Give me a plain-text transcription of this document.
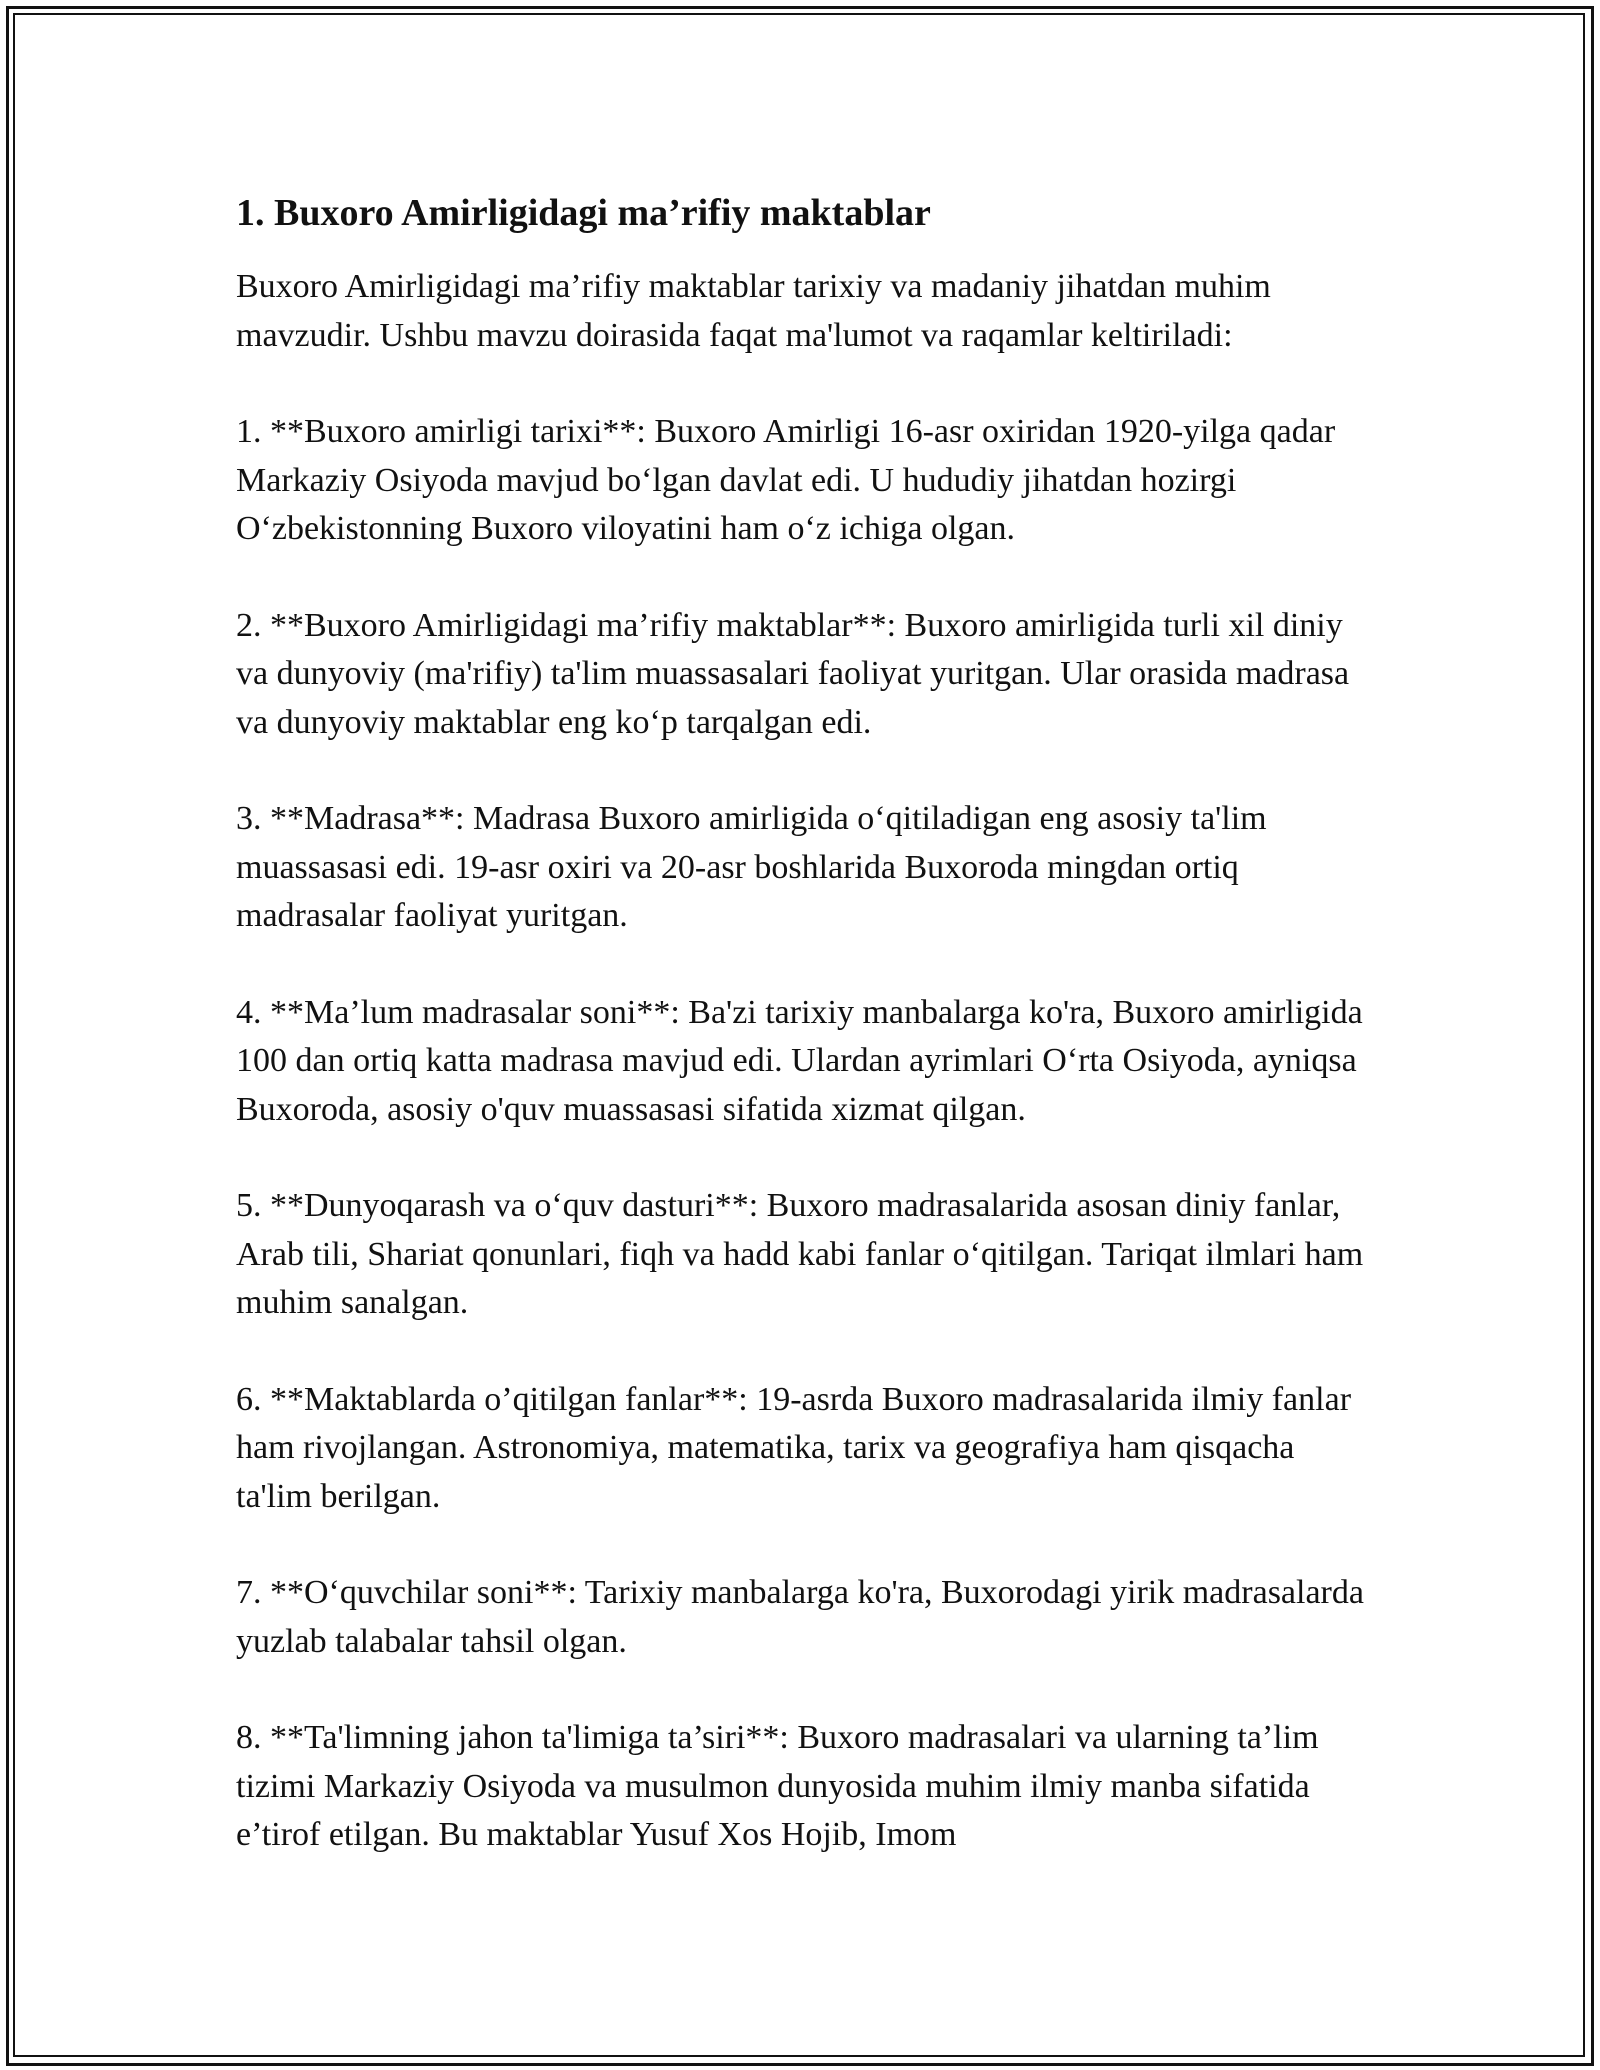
1. Buxoro Amirligidagi ma’rifiy maktablar

Buxoro Amirligidagi ma’rifiy maktablar tarixiy va madaniy jihatdan muhim mavzudir. Ushbu mavzu doirasida faqat ma'lumot va raqamlar keltiriladi:

1. **Buxoro amirligi tarixi**: Buxoro Amirligi 16-asr oxiridan 1920-yilga qadar Markaziy Osiyoda mavjud bo‘lgan davlat edi. U hududiy jihatdan hozirgi O‘zbekistonning Buxoro viloyatini ham o‘z ichiga olgan.

2. **Buxoro Amirligidagi ma’rifiy maktablar**: Buxoro amirligida turli xil diniy va dunyoviy (ma'rifiy) ta'lim muassasalari faoliyat yuritgan. Ular orasida madrasa va dunyoviy maktablar eng ko‘p tarqalgan edi.

3. **Madrasa**: Madrasa Buxoro amirligida o‘qitiladigan eng asosiy ta'lim muassasasi edi. 19-asr oxiri va 20-asr boshlarida Buxoroda mingdan ortiq madrasalar faoliyat yuritgan.

4. **Ma’lum madrasalar soni**: Ba'zi tarixiy manbalarga ko'ra, Buxoro amirligida 100 dan ortiq katta madrasa mavjud edi. Ulardan ayrimlari O‘rta Osiyoda, ayniqsa Buxoroda, asosiy o'quv muassasasi sifatida xizmat qilgan.

5. **Dunyoqarash va o‘quv dasturi**: Buxoro madrasalarida asosan diniy fanlar, Arab tili, Shariat qonunlari, fiqh va hadd kabi fanlar o‘qitilgan. Tariqat ilmlari ham muhim sanalgan.

6. **Maktablarda o’qitilgan fanlar**: 19-asrda Buxoro madrasalarida ilmiy fanlar ham rivojlangan. Astronomiya, matematika, tarix va geografiya ham qisqacha ta'lim berilgan.

7. **O‘quvchilar soni**: Tarixiy manbalarga ko'ra, Buxorodagi yirik madrasalarda yuzlab talabalar tahsil olgan.

8. **Ta'limning jahon ta'limiga ta’siri**: Buxoro madrasalari va ularning ta’lim tizimi Markaziy Osiyoda va musulmon dunyosida muhim ilmiy manba sifatida e’tirof etilgan. Bu maktablar Yusuf Xos Hojib, Imom
